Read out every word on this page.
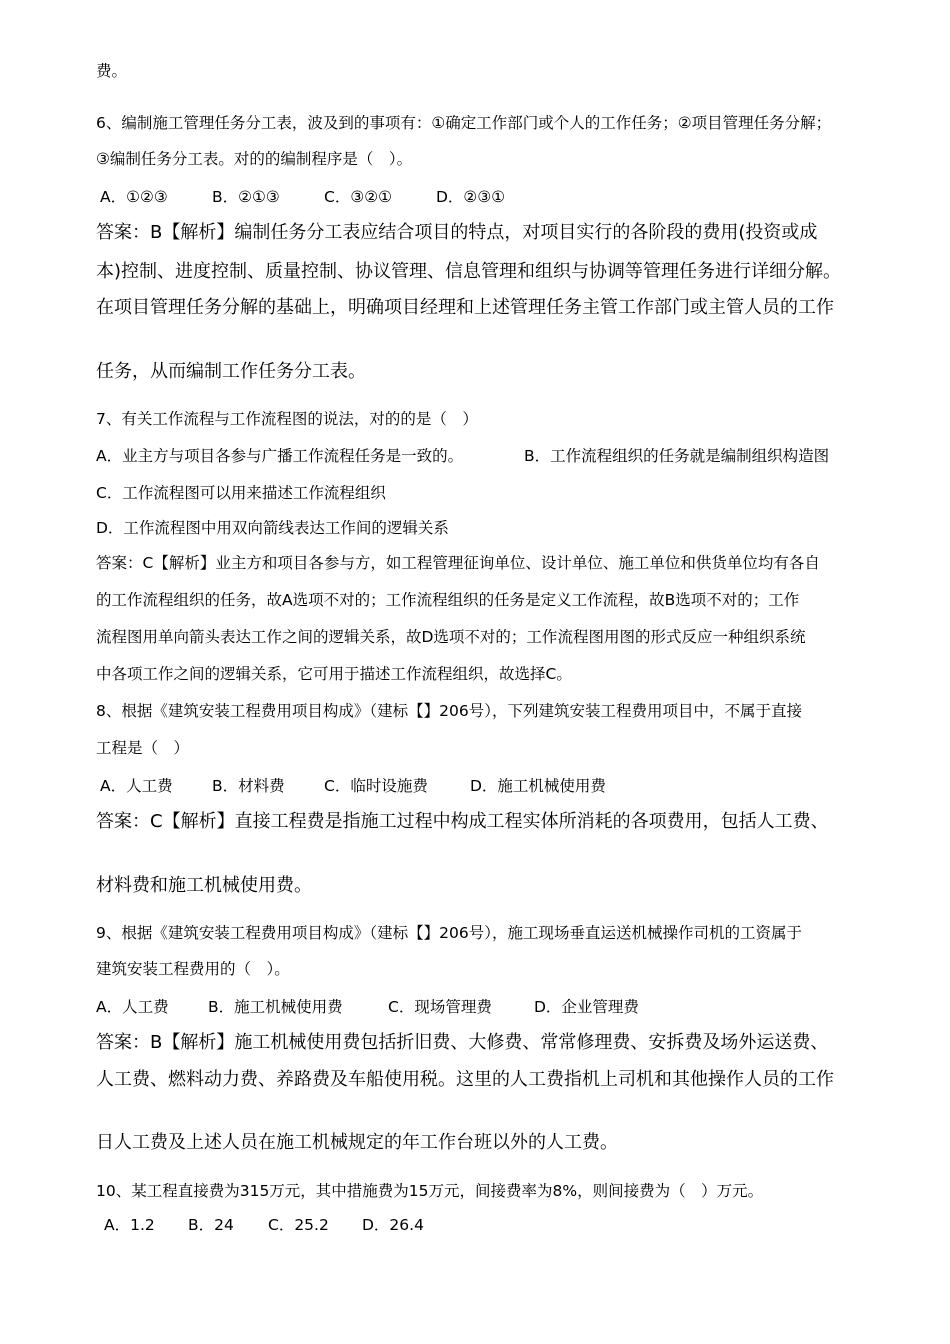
费。
6、编制施工管理任务分工表，波及到的事项有：①确定工作部门或个人的工作任务；②项目管理任务分解；
③编制任务分工表。对的的编制程序是（　）。
A．①②③	B．②①③	C．③②①	D．②③①
答案：B【解析】编制任务分工表应结合项目的特点，对项目实行的各阶段的费用(投资或成
本)控制、进度控制、质量控制、协议管理、信息管理和组织与协调等管理任务进行详细分解。
在项目管理任务分解的基础上，明确项目经理和上述管理任务主管工作部门或主管人员的工作
任务，从而编制工作任务分工表。
7、有关工作流程与工作流程图的说法，对的的是（　）
A．业主方与项目各参与广播工作流程任务是一致的。	B．工作流程组织的任务就是编制组织构造图
C．工作流程图可以用来描述工作流程组织
D．工作流程图中用双向箭线表达工作间的逻辑关系
答案：C【解析】业主方和项目各参与方，如工程管理征询单位、设计单位、施工单位和供货单位均有各自
的工作流程组织的任务，故A选项不对的；工作流程组织的任务是定义工作流程，故B选项不对的；工作
流程图用单向箭头表达工作之间的逻辑关系，故D选项不对的；工作流程图用图的形式反应一种组织系统
中各项工作之间的逻辑关系，它可用于描述工作流程组织，故选择C。
8、根据《建筑安装工程费用项目构成》（建标【】206号），下列建筑安装工程费用项目中，不属于直接
工程是（　）
A．人工费	B．材料费	C．临时设施费	D．施工机械使用费
答案：C【解析】直接工程费是指施工过程中构成工程实体所消耗的各项费用，包括人工费、
材料费和施工机械使用费。
9、根据《建筑安装工程费用项目构成》（建标【】206号），施工现场垂直运送机械操作司机的工资属于
建筑安装工程费用的（　）。
A．人工费	B．施工机械使用费	C．现场管理费	D．企业管理费
答案：B【解析】施工机械使用费包括折旧费、大修费、常常修理费、安拆费及场外运送费、
人工费、燃料动力费、养路费及车船使用税。这里的人工费指机上司机和其他操作人员的工作
日人工费及上述人员在施工机械规定的年工作台班以外的人工费。
10、某工程直接费为315万元，其中措施费为15万元，间接费率为8%，则间接费为（　）万元。
A．1.2 B．24 C．25.2 D．26.4
